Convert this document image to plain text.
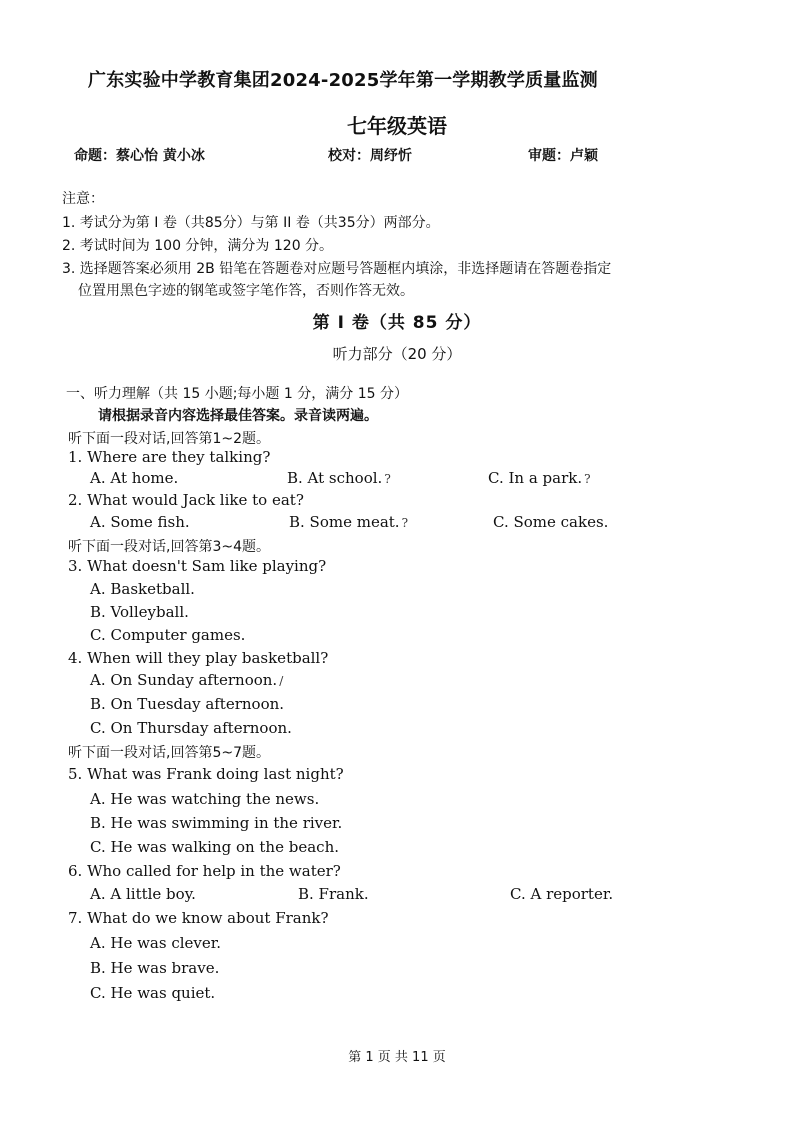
广东实验中学教育集团2024-2025学年第一学期教学质量监测
七年级英语
命题：蔡心怡 黄小冰	校对：周纾忻	审题：卢颖
注意：
1. 考试分为第 I 卷（共85分）与第 II 卷（共35分）两部分。
2. 考试时间为 100 分钟，满分为 120 分。
3. 选择题答案必须用 2B 铅笔在答题卷对应题号答题框内填涂，非选择题请在答题卷指定
位置用黑色字迹的钢笔或签字笔作答，否则作答无效。
第 I 卷（共 85 分）
听力部分（20 分）
一、听力理解（共 15 小题;每小题 1 分，满分 15 分）
请根据录音内容选择最佳答案。录音读两遍。
听下面一段对话,回答第1~2题。
1. Where are they talking?
A. At home.	B. At school. ?	C. In a park. ?
2. What would Jack like to eat?
A. Some fish.	B. Some meat. ?	C. Some cakes.
听下面一段对话,回答第3~4题。
3. What doesn't Sam like playing?
A. Basketball.
B. Volleyball.
C. Computer games.
4. When will they play basketball?
A. On Sunday afternoon. /
B. On Tuesday afternoon.
C. On Thursday afternoon.
听下面一段对话,回答第5~7题。
5. What was Frank doing last night?
A. He was watching the news.
B. He was swimming in the river.
C. He was walking on the beach.
6. Who called for help in the water?
A. A little boy.	B. Frank.	C. A reporter.
7. What do we know about Frank?
A. He was clever.
B. He was brave.
C. He was quiet.
第 1 页 共 11 页
